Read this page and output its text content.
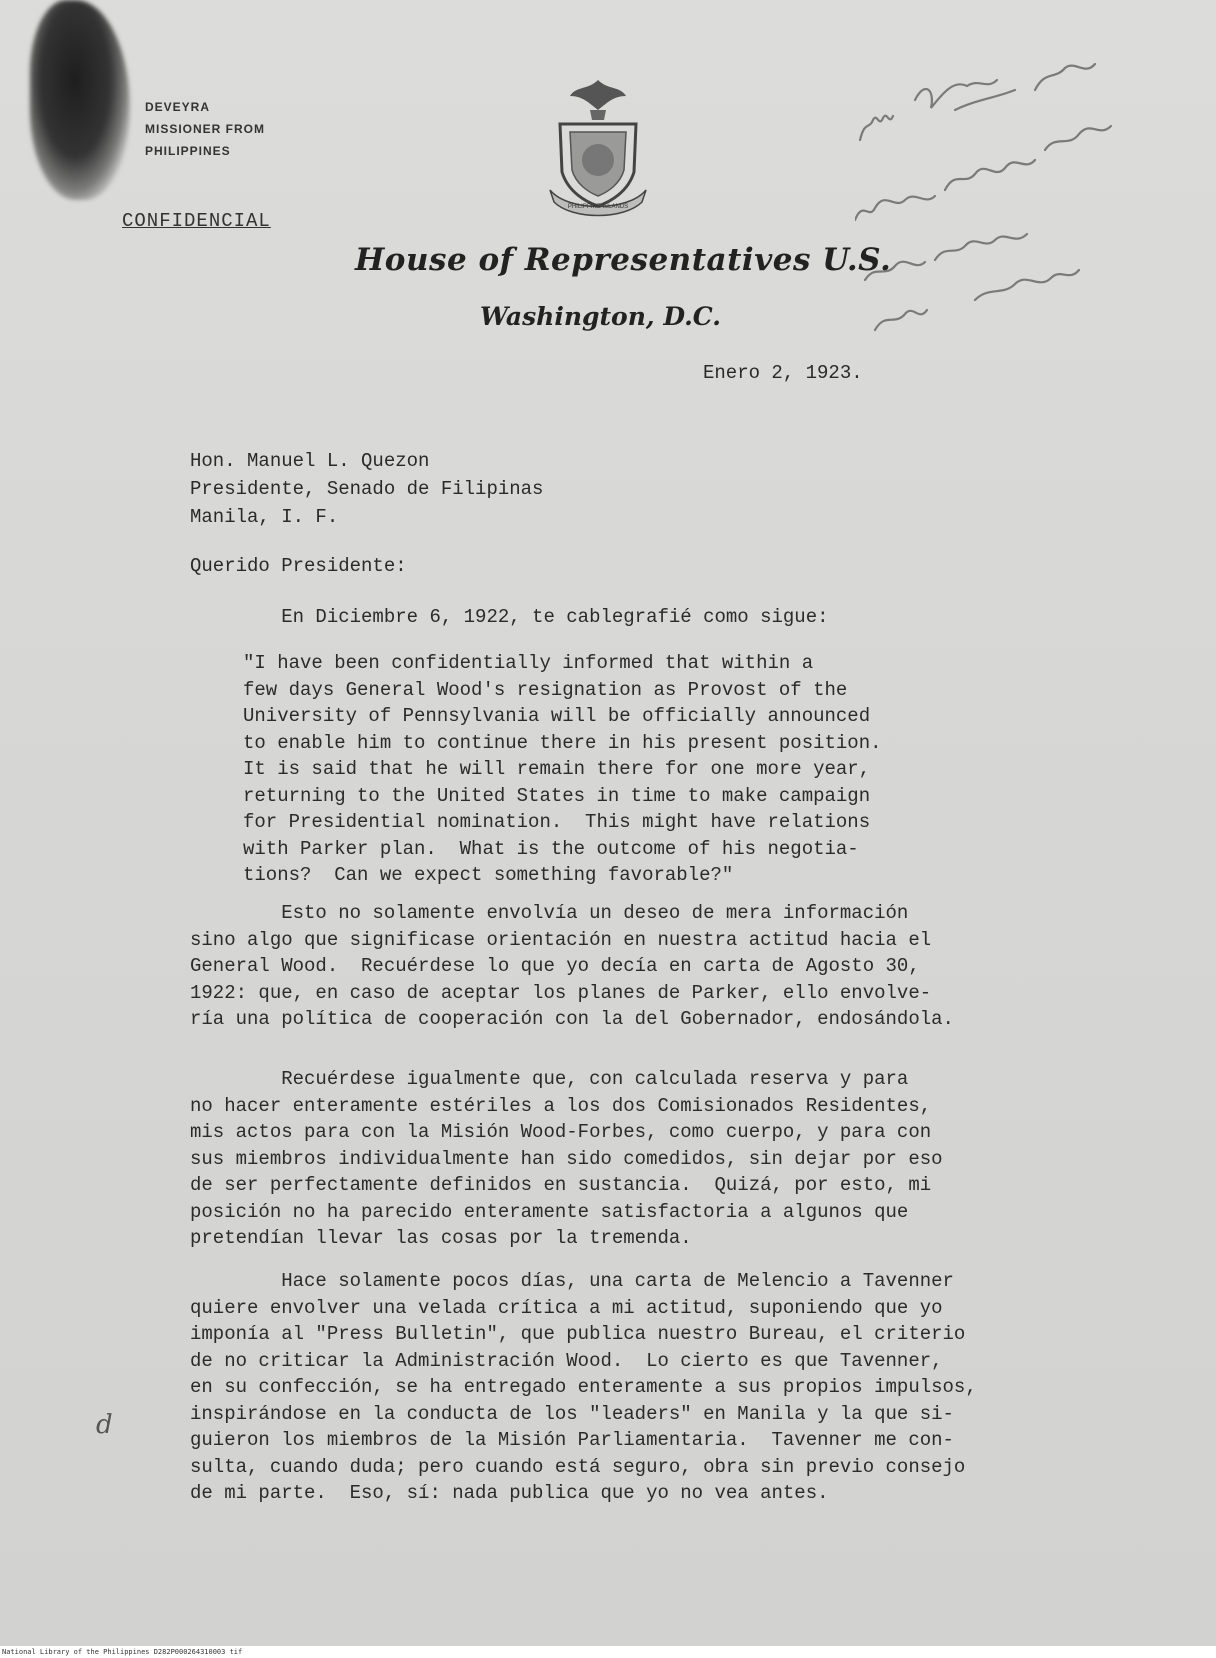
DEVEYRA
MISSIONER FROM
PHILIPPINES
CONFIDENCIAL
PHILIPPINE ISLANDS
House of Representatives U.S.
Washington, D.C.
Enero 2, 1923.
Hon. Manuel L. Quezon
Presidente, Senado de Filipinas
Manila, I. F.
Querido Presidente:
En Diciembre 6, 1922, te cablegrafié como sigue:
"I have been confidentially informed that within a
few days General Wood's resignation as Provost of the
University of Pennsylvania will be officially announced
to enable him to continue there in his present position.
It is said that he will remain there for one more year,
returning to the United States in time to make campaign
for Presidential nomination.  This might have relations
with Parker plan.  What is the outcome of his negotia-
tions?  Can we expect something favorable?"
Esto no solamente envolvía un deseo de mera información
sino algo que significase orientación en nuestra actitud hacia el
General Wood.  Recuérdese lo que yo decía en carta de Agosto 30,
1922: que, en caso de aceptar los planes de Parker, ello envolve-
ría una política de cooperación con la del Gobernador, endosándola.
Recuérdese igualmente que, con calculada reserva y para
no hacer enteramente estériles a los dos Comisionados Residentes,
mis actos para con la Misión Wood-Forbes, como cuerpo, y para con
sus miembros individualmente han sido comedidos, sin dejar por eso
de ser perfectamente definidos en sustancia.  Quizá, por esto, mi
posición no ha parecido enteramente satisfactoria a algunos que
pretendían llevar las cosas por la tremenda.
Hace solamente pocos días, una carta de Melencio a Tavenner
quiere envolver una velada crítica a mi actitud, suponiendo que yo
imponía al "Press Bulletin", que publica nuestro Bureau, el criterio
de no criticar la Administración Wood.  Lo cierto es que Tavenner,
en su confección, se ha entregado enteramente a sus propios impulsos,
inspirándose en la conducta de los "leaders" en Manila y la que si-
guieron los miembros de la Misión Parliamentaria.  Tavenner me con-
sulta, cuando duda; pero cuando está seguro, obra sin previo consejo
de mi parte.  Eso, sí: nada publica que yo no vea antes.
d
National Library of the Philippines D282P000264310003 tif
